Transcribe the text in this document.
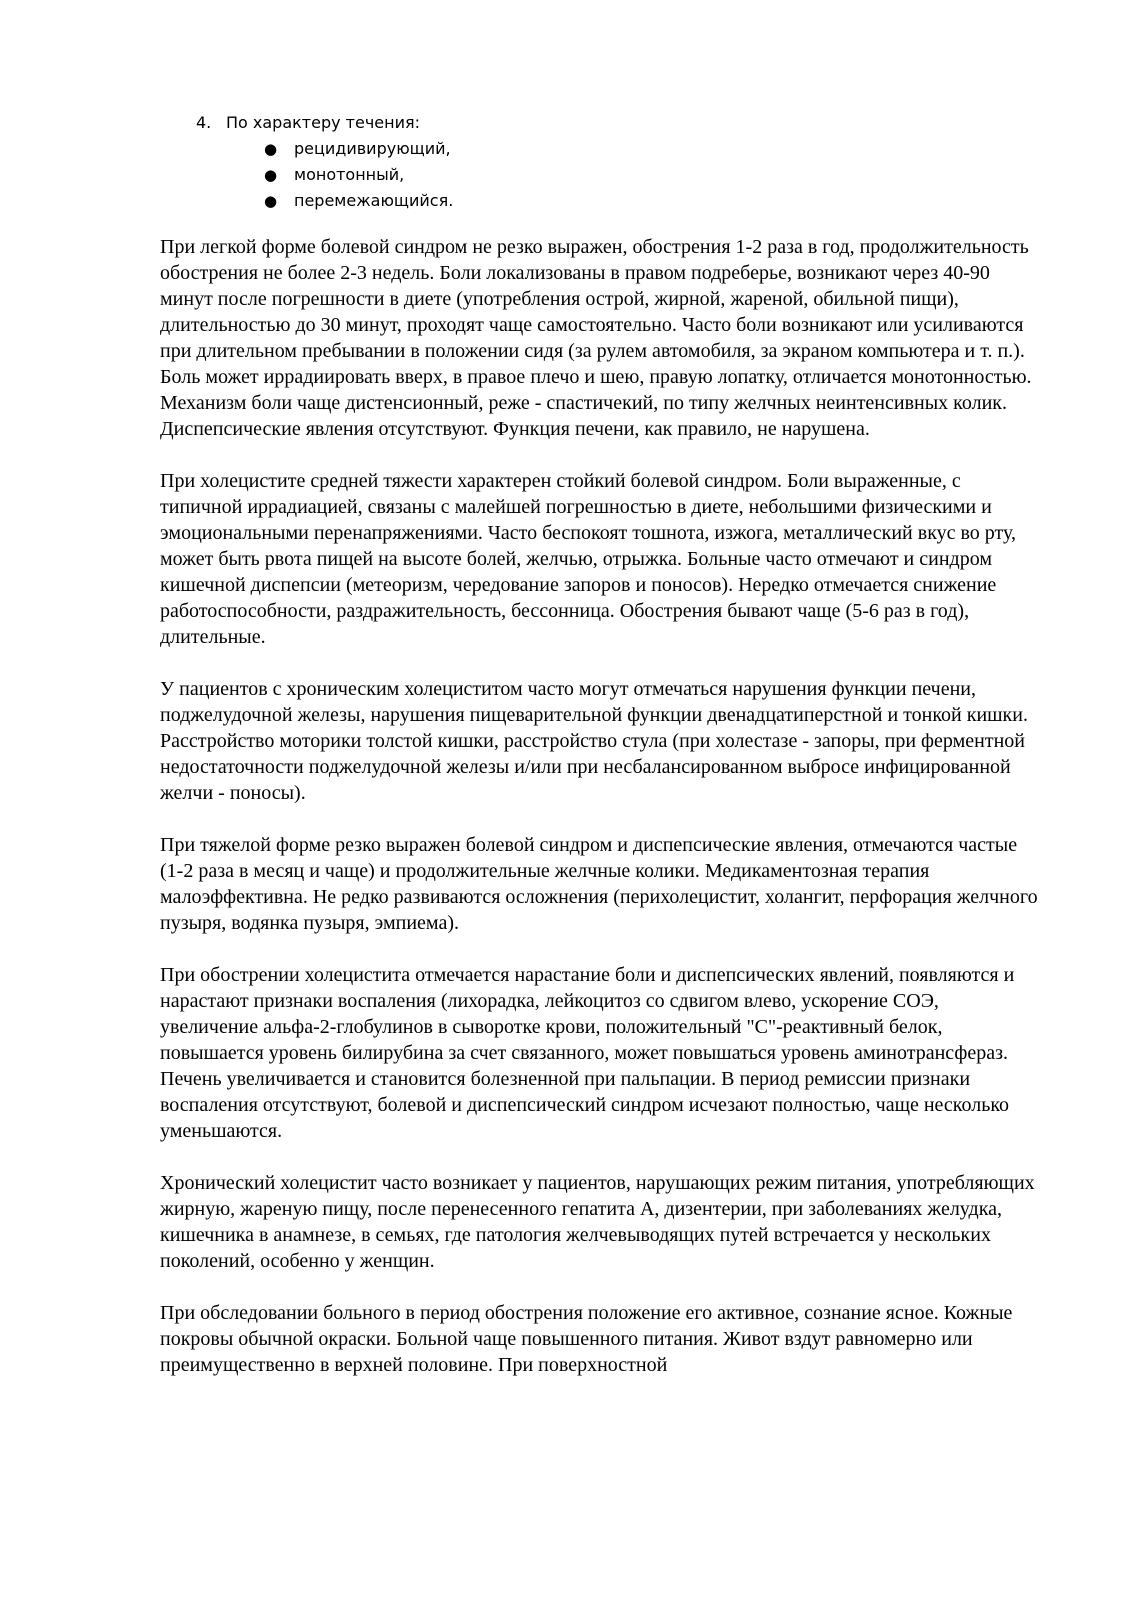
4. По характеру течения:
●	рецидивирующий,
●	монотонный,
●	перемежающийся.

При легкой форме болевой синдром не резко выражен, обострения 1-2 раза в год, продолжительность обострения не более 2-3 недель. Боли локализованы в правом подреберье, возникают через 40-90 минут после погрешности в диете (употребления острой, жирной, жареной, обильной пищи), длительностью до 30 минут, проходят чаще самостоятельно. Часто боли возникают или усиливаются при длительном пребывании в положении сидя (за рулем автомобиля, за экраном компьютера и т. п.). Боль может иррадиировать вверх, в правое плечо и шею, правую лопатку, отличается монотонностью. Механизм боли чаще дистенсионный, реже - спастичекий, по типу желчных неинтенсивных колик. Диспепсические явления отсутствуют. Функция печени, как правило, не нарушена.

При холецистите средней тяжести характерен стойкий болевой синдром. Боли выраженные, с типичной иррадиацией, связаны с малейшей погрешностью в диете, небольшими физическими и эмоциональными перенапряжениями. Часто беспокоят тошнота, изжога, металлический вкус во рту, может быть рвота пищей на высоте болей, желчью, отрыжка. Больные часто отмечают и синдром кишечной диспепсии (метеоризм, чередование запоров и поносов). Нередко отмечается снижение работоспособности, раздражительность, бессонница. Обострения бывают чаще (5-6 раз в год), длительные.

У пациентов с хроническим холециститом часто могут отмечаться нарушения функции печени, поджелудочной железы, нарушения пищеварительной функции двенадцатиперстной и тонкой кишки. Расстройство моторики толстой кишки, расстройство стула (при холестазе - запоры, при ферментной недостаточности поджелудочной железы и/или при несбалансированном выбросе инфицированной желчи - поносы).

При тяжелой форме резко выражен болевой синдром и диспепсические явления, отмечаются частые (1-2 раза в месяц и чаще) и продолжительные желчные колики. Медикаментозная терапия малоэффективна. Не редко развиваются осложнения (перихолецистит, холангит, перфорация желчного пузыря, водянка пузыря, эмпиема).

При обострении холецистита отмечается нарастание боли и диспепсических явлений, появляются и нарастают признаки воспаления (лихорадка, лейкоцитоз со сдвигом влево, ускорение СОЭ, увеличение альфа-2-глобулинов в сыворотке крови, положительный "С"-реактивный белок, повышается уровень билирубина за счет связанного, может повышаться уровень аминотрансфераз. Печень увеличивается и становится болезненной при пальпации. В период ремиссии признаки воспаления отсутствуют, болевой и диспепсический синдром исчезают полностью, чаще несколько уменьшаются.

Хронический холецистит часто возникает у пациентов, нарушающих режим питания, употребляющих жирную, жареную пищу, после перенесенного гепатита А, дизентерии, при заболеваниях желудка, кишечника в анамнезе, в семьях, где патология желчевыводящих путей встречается у нескольких поколений, особенно у женщин.

При обследовании больного в период обострения положение его активное, сознание ясное. Кожные покровы обычной окраски. Больной чаще повышенного питания. Живот вздут равномерно или преимущественно в верхней половине. При поверхностной
